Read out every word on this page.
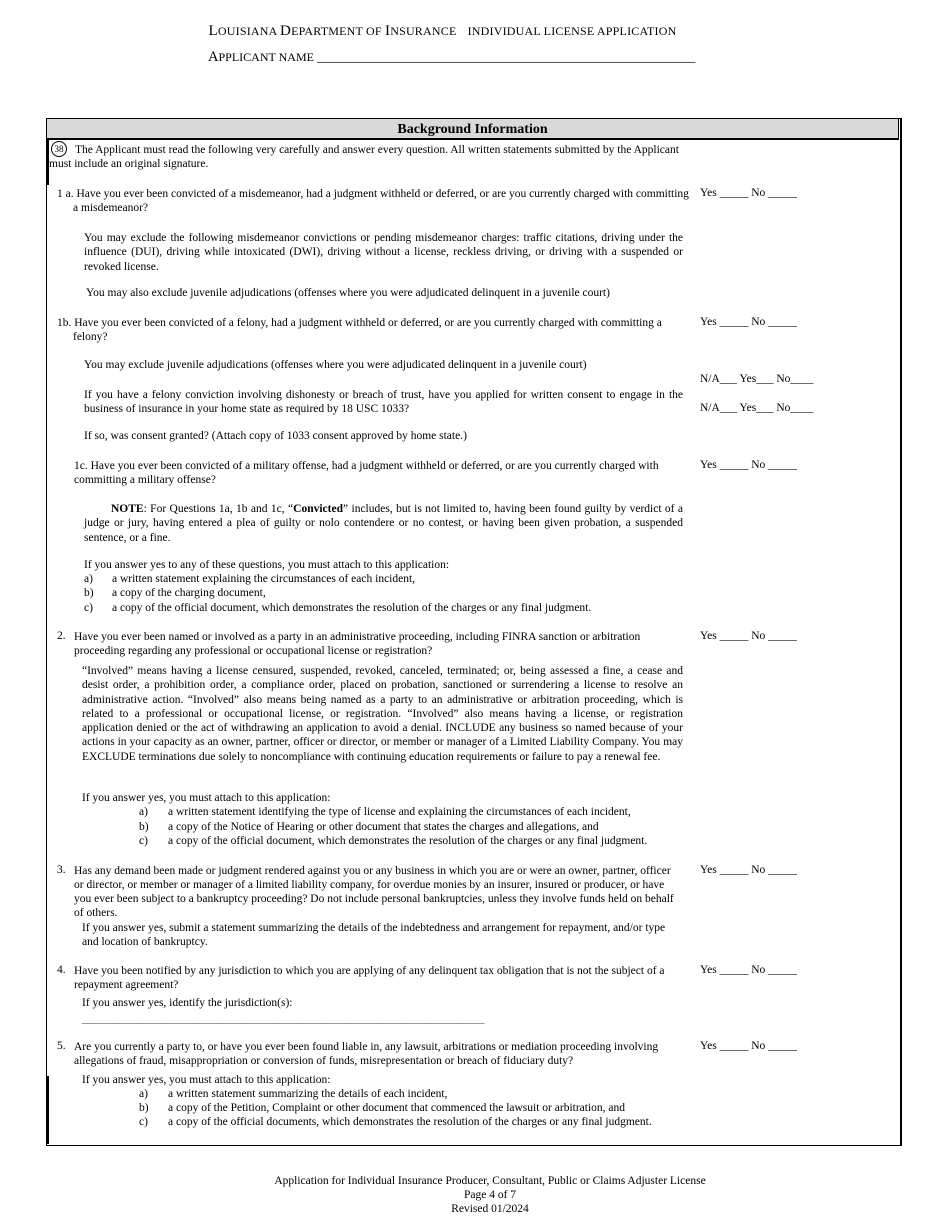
LOUISIANA DEPARTMENT OF INSURANCE INDIVIDUAL LICENSE APPLICATION
APPLICANT NAME ________________________________________________________
Background Information
38	The Applicant must read the following very carefully and answer every question. All written statements submitted by the Applicant must include an original signature.
1 a. Have you ever been convicted of a misdemeanor, had a judgment withheld or deferred, or are you currently charged with committing a misdemeanor?
Yes _____ No _____
You may exclude the following misdemeanor convictions or pending misdemeanor charges: traffic citations, driving under the influence (DUI), driving while intoxicated (DWI), driving without a license, reckless driving, or driving with a suspended or revoked license.
You may also exclude juvenile adjudications (offenses where you were adjudicated delinquent in a juvenile court)
1b. Have you ever been convicted of a felony, had a judgment withheld or deferred, or are you currently charged with committing a felony?
Yes _____ No _____
You may exclude juvenile adjudications (offenses where you were adjudicated delinquent in a juvenile court)
N/A___ Yes___ No____
If you have a felony conviction involving dishonesty or breach of trust, have you applied for written consent to engage in the business of insurance in your home state as required by 18 USC 1033?	N/A___ Yes___ No____
If so, was consent granted? (Attach copy of 1033 consent approved by home state.)
1c. Have you ever been convicted of a military offense, had a judgment withheld or deferred, or are you currently charged with committing a military offense?
Yes _____ No _____
NOTE: For Questions 1a, 1b and 1c, “Convicted” includes, but is not limited to, having been found guilty by verdict of a judge or jury, having entered a plea of guilty or nolo contendere or no contest, or having been given probation, a suspended sentence, or a fine.
If you answer yes to any of these questions, you must attach to this application:
a) a written statement explaining the circumstances of each incident,
b) a copy of the charging document,
c) a copy of the official document, which demonstrates the resolution of the charges or any final judgment.
2. Have you ever been named or involved as a party in an administrative proceeding, including FINRA sanction or arbitration proceeding regarding any professional or occupational license or registration?
Yes _____ No _____
“Involved” means having a license censured, suspended, revoked, canceled, terminated; or, being assessed a fine, a cease and desist order, a prohibition order, a compliance order, placed on probation, sanctioned or surrendering a license to resolve an administrative action. “Involved” also means being named as a party to an administrative or arbitration proceeding, which is related to a professional or occupational license, or registration. “Involved” also means having a license, or registration application denied or the act of withdrawing an application to avoid a denial. INCLUDE any business so named because of your actions in your capacity as an owner, partner, officer or director, or member or manager of a Limited Liability Company. You may EXCLUDE terminations due solely to noncompliance with continuing education requirements or failure to pay a renewal fee.
If you answer yes, you must attach to this application:
a) a written statement identifying the type of license and explaining the circumstances of each incident,
b) a copy of the Notice of Hearing or other document that states the charges and allegations, and
c) a copy of the official document, which demonstrates the resolution of the charges or any final judgment.
3. Has any demand been made or judgment rendered against you or any business in which you are or were an owner, partner, officer or director, or member or manager of a limited liability company, for overdue monies by an insurer, insured or producer, or have you ever been subject to a bankruptcy proceeding? Do not include personal bankruptcies, unless they involve funds held on behalf of others.
Yes _____ No _____
If you answer yes, submit a statement summarizing the details of the indebtedness and arrangement for repayment, and/or type and location of bankruptcy.
4. Have you been notified by any jurisdiction to which you are applying of any delinquent tax obligation that is not the subject of a repayment agreement?
Yes _____ No _____
If you answer yes, identify the jurisdiction(s):
______________________________________________________________________
5. Are you currently a party to, or have you ever been found liable in, any lawsuit, arbitrations or mediation proceeding involving allegations of fraud, misappropriation or conversion of funds, misrepresentation or breach of fiduciary duty?
Yes _____ No _____
If you answer yes, you must attach to this application:
a) a written statement summarizing the details of each incident,
b) a copy of the Petition, Complaint or other document that commenced the lawsuit or arbitration, and
c) a copy of the official documents, which demonstrates the resolution of the charges or any final judgment.
Application for Individual Insurance Producer, Consultant, Public or Claims Adjuster License
Page 4 of 7
Revised 01/2024
